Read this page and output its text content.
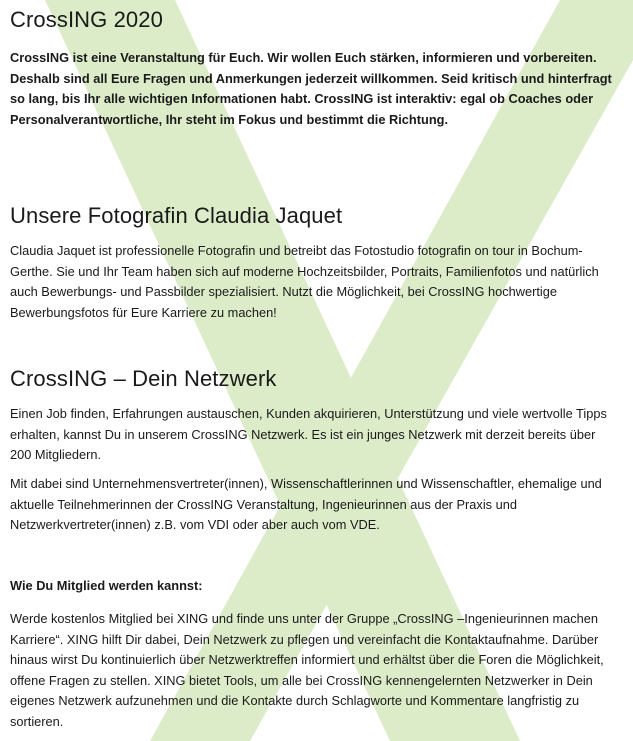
CrossING 2020

CrossING ist eine Veranstaltung für Euch. Wir wollen Euch stärken, informieren und vorbereiten. Deshalb sind all Eure Fragen und Anmerkungen jederzeit willkommen. Seid kritisch und hinterfragt so lang, bis Ihr alle wichtigen Informationen habt. CrossING ist interaktiv: egal ob Coaches oder Personalverantwortliche, Ihr steht im Fokus und bestimmt die Richtung.

Unsere Fotografin Claudia Jaquet

Claudia Jaquet ist professionelle Fotografin und betreibt das Fotostudio fotografin on tour in Bochum-Gerthe. Sie und Ihr Team haben sich auf moderne Hochzeitsbilder, Portraits, Familienfotos und natürlich auch Bewerbungs- und Passbilder spezialisiert. Nutzt die Möglichkeit, bei CrossING hochwertige Bewerbungsfotos für Eure Karriere zu machen!

CrossING – Dein Netzwerk

Einen Job finden, Erfahrungen austauschen, Kunden akquirieren, Unterstützung und viele wertvolle Tipps erhalten, kannst Du in unserem CrossING Netzwerk. Es ist ein junges Netzwerk mit derzeit bereits über 200 Mitgliedern.

Mit dabei sind Unternehmensvertreter(innen), Wissenschaftlerinnen und Wissenschaftler, ehemalige und aktuelle Teilnehmerinnen der CrossING Veranstaltung, Ingenieurinnen aus der Praxis und Netzwerkvertreter(innen) z.B. vom VDI oder aber auch vom VDE.

Wie Du Mitglied werden kannst:

Werde kostenlos Mitglied bei XING und finde uns unter der Gruppe „CrossING –Ingenieurinnen machen Karriere“. XING hilft Dir dabei, Dein Netzwerk zu pflegen und vereinfacht die Kontaktaufnahme. Darüber hinaus wirst Du kontinuierlich über Netzwerktreffen informiert und erhältst über die Foren die Möglichkeit, offene Fragen zu stellen. XING bietet Tools, um alle bei CrossING kennengelernten Netzwerker in Dein eigenes Netzwerk aufzunehmen und die Kontakte durch Schlagworte und Kommentare langfristig zu sortieren.
